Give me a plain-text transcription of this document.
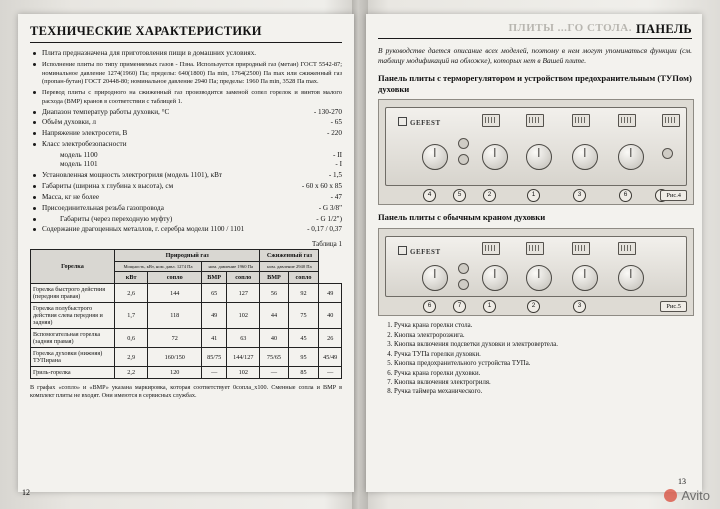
ТЕХНИЧЕСКИЕ ХАРАКТЕРИСТИКИ
Плита предназначена для приготовления пищи в домашних условиях.
Исполнение плиты по типу применяемых газов - Пзна. Используется природный газ (метан) ГОСТ 5542-87; номинальное давление 1274(1960) Па; пределы: 640(1800) Па min, 1764(2500) Па max или сжиженный газ (пропан-бутан) ГОСТ 20448-80; номинальное давление 2940 Па; пределы: 1960 Па min, 3528 Па max.
Перевод плиты с природного на сжиженный газ производится заменой сопел горелок и винтов малого расхода (ВМР) кранов в соответствии с таблицей 1.
Диапазон температур работы духовки, °C	- 130-270
Объём духовки, л	- 65
Напряжение электросети, В	- 220
Класс электробезопасности
модель 1100	- II
модель 1101	- I
Установленная мощность электрогриля (модель 1101), кВт	- 1,5
Габариты (ширина х глубина х высота), см	- 60 х 60 х 85
Масса, кг не более	- 47
Присоединительная резьба газопровода	- G 3/8"
Габариты (через переходную муфту)	- G 1/2")
Содержание драгоценных металлов, г. серебра модели 1100 / 1101	- 0,17 / 0,37
Таблица 1
Горелка	Природный газ				Сжиженный газ		
	Мощность, кВт, ном. давл. 1274 Па		ном. давление 1960 Па		ном. давление 2940 Па		
	кВт	сопло	ВМР	сопло	ВМР	сопло	
Горелка быстрого действия (передняя правая)	2,6	144	65	127	56	92	49
Горелка полубыстрого действия слева передняя и задняя)	1,7	118	49	102	44	75	40
Вспомогательная горелка (задняя правая)	0,6	72	41	63	40	45	26
Горелка духовки (нижняя) ТУПирана	2,9	160/150	85/75	144/127	75/65	95	45/49
Гриль-горелка	2,2	120	—	102	—	85	—
В графах «сопло» и «ВМР» указана маркировка, которая соответствует 0сопла_х100. Сменные сопла и ВМР в комплект плиты не входят. Они имеются в сервисных службах.
12
ПЛИТЫ ...ГО СТОЛА. ПАНЕЛЬ
В руководстве дается описание всех моделей, поэтому в нем могут упоминаться функции (см. таблицу модификаций на обложке), которых нет в Вашей плите.
Панель плиты с терморегулятором и устройством предохранительным (ТУПом) духовки
GEFEST
4	5	2	1	3	6	Рис.4
Панель плиты с обычным краном духовки
GEFEST
6	7	1	2	3	Рис.5
1. Ручка крана горелки стола.
2. Кнопка электророзжига.
3. Кнопка включения подсветки духовки и электровертела.
4. Ручка ТУПа горелки духовки.
5. Кнопка предохранительного устройства ТУПа.
6. Ручка крана горелки духовки.
7. Кнопка включения электрогриля.
8. Ручка таймера механического.
13
Avito
